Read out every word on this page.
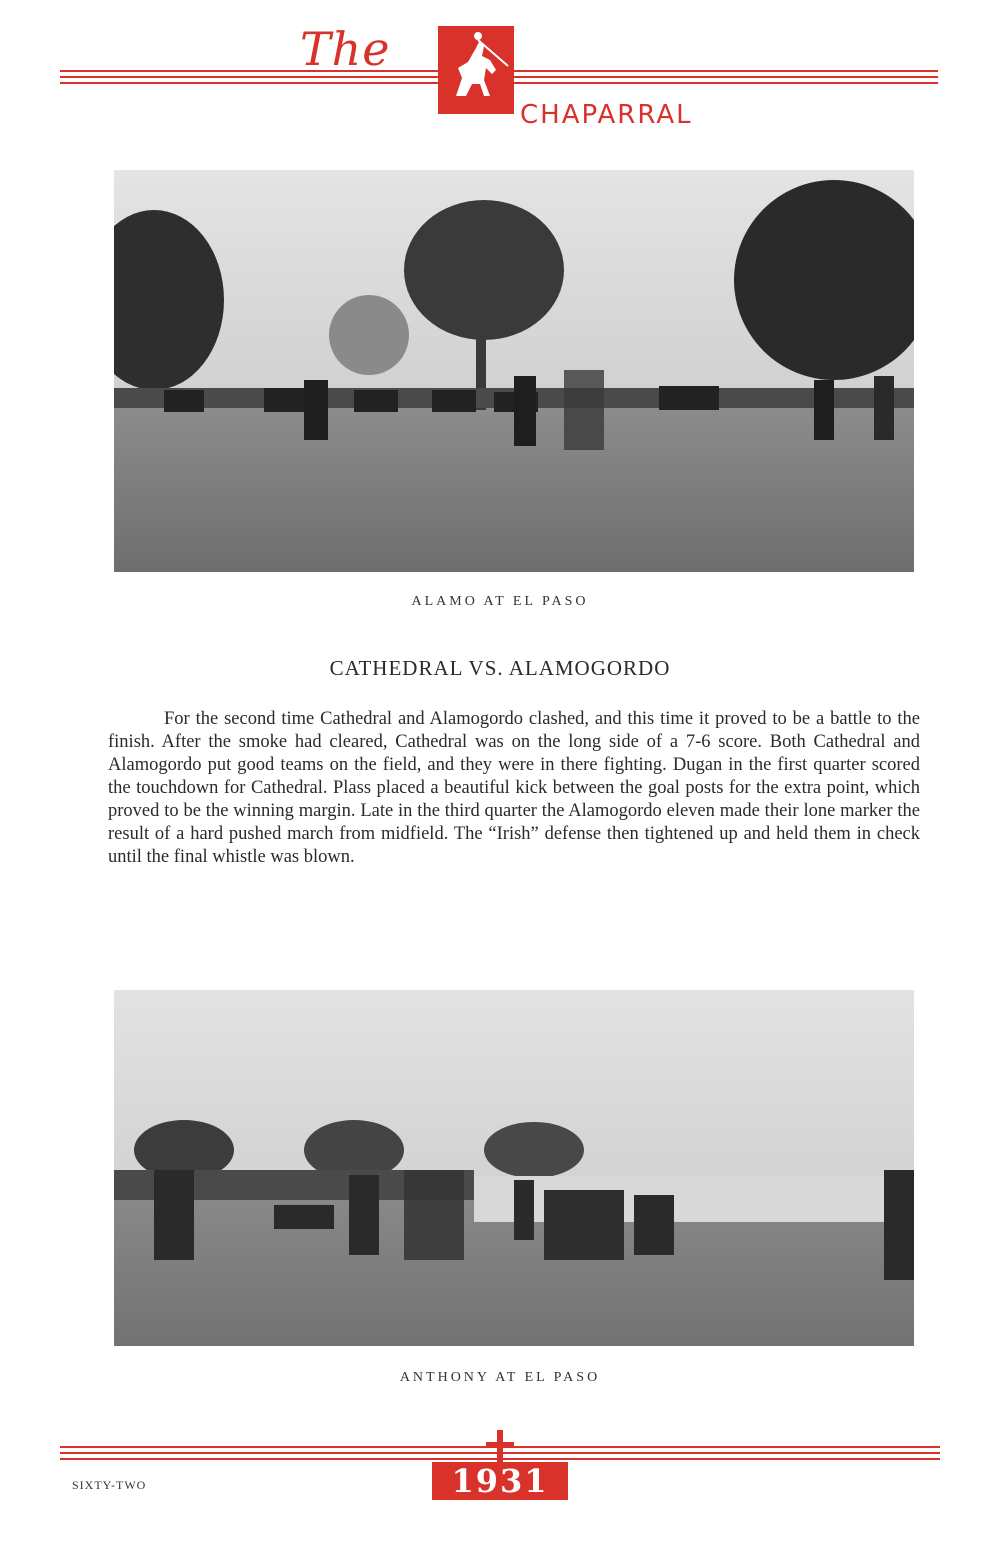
The
CHAPARRAL
ALAMO AT EL PASO
CATHEDRAL VS. ALAMOGORDO

For the second time Cathedral and Alamogordo clashed, and this time it proved to be a battle to the finish. After the smoke had cleared, Cathedral was on the long side of a 7-6 score. Both Cathedral and Alamogordo put good teams on the field, and they were in there fighting. Dugan in the first quarter scored the touchdown for Cathedral. Plass placed a beautiful kick between the goal posts for the extra point, which proved to be the winning margin. Late in the third quarter the Alamogordo eleven made their lone marker the result of a hard pushed march from midfield. The “Irish” defense then tightened up and held them in check until the final whistle was blown.

ANTHONY AT EL PASO
SIXTY-TWO	1931
